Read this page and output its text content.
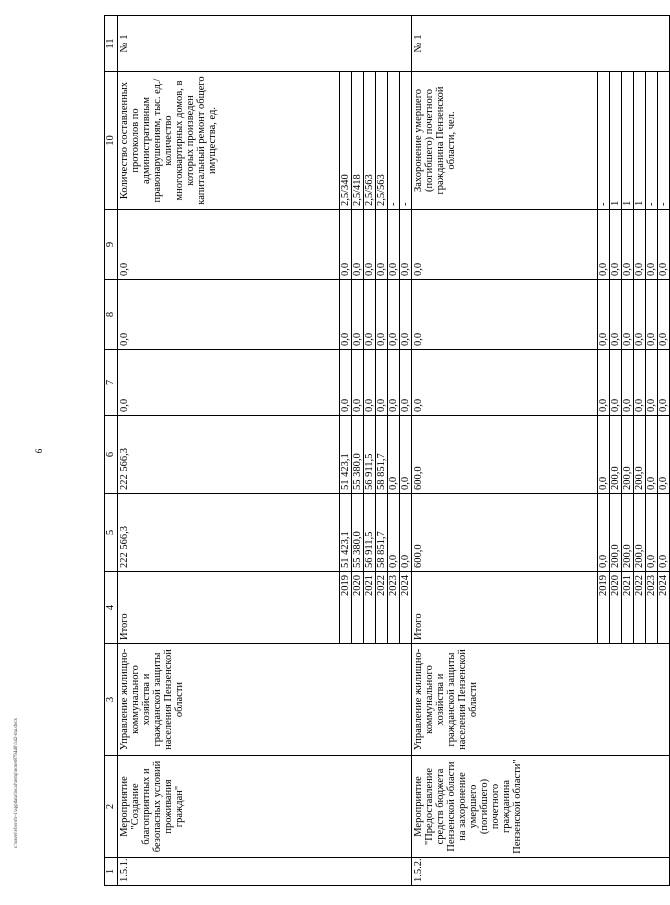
9
c:\users\vboroh~1\appdata\local\temp\notes879440\142-ma.docx
1	2	3	4	5	6	7	8	9	10	11
1.5.1.	Мероприятие "Создание благоприятных и безопасных условий проживания граждан"	Управление жилищно-коммунального хозяйства и гражданской защиты населения Пензенской области	Итого	222 566,3	222 566,3	0,0	0,0	0,0	Количество составленных протоколов по административным правонарушениям, тыс. ед./ количество многоквартирных домов, в которых произведен капитальный ремонт общего имущества, ед.	№ 1
			2019	51 423,1	51 423,1	0,0	0,0	0,0	2,5/340	
			2020	55 380,0	55 380,0	0,0	0,0	0,0	2,5/418	
			2021	56 911,5	56 911,5	0,0	0,0	0,0	2,5/563	
			2022	58 851,7	58 851,7	0,0	0,0	0,0	2,5/563	
			2023	0,0	0,0	0,0	0,0	0,0	-	
			2024	0,0	0,0	0,0	0,0	0,0	-	
1.5.2.	Мероприятие "Предоставление средств бюджета Пензенской области на захоронение умершего (погибшего) почетного гражданина Пензенской области"	Управление жилищно-коммунального хозяйства и гражданской защиты населения Пензенской области	Итого	600,0	600,0	0,0	0,0	0,0	Захоронение умершего (погибшего) почетного гражданина Пензенской области, чел.	№ 1
			2019	0,0	0,0	0,0	0,0	0,0	-	
			2020	200,0	200,0	0,0	0,0	0,0	1	
			2021	200,0	200,0	0,0	0,0	0,0	1	
			2022	200,0	200,0	0,0	0,0	0,0	1	
			2023	0,0	0,0	0,0	0,0	0,0	-	
			2024	0,0	0,0	0,0	0,0	0,0	-	
